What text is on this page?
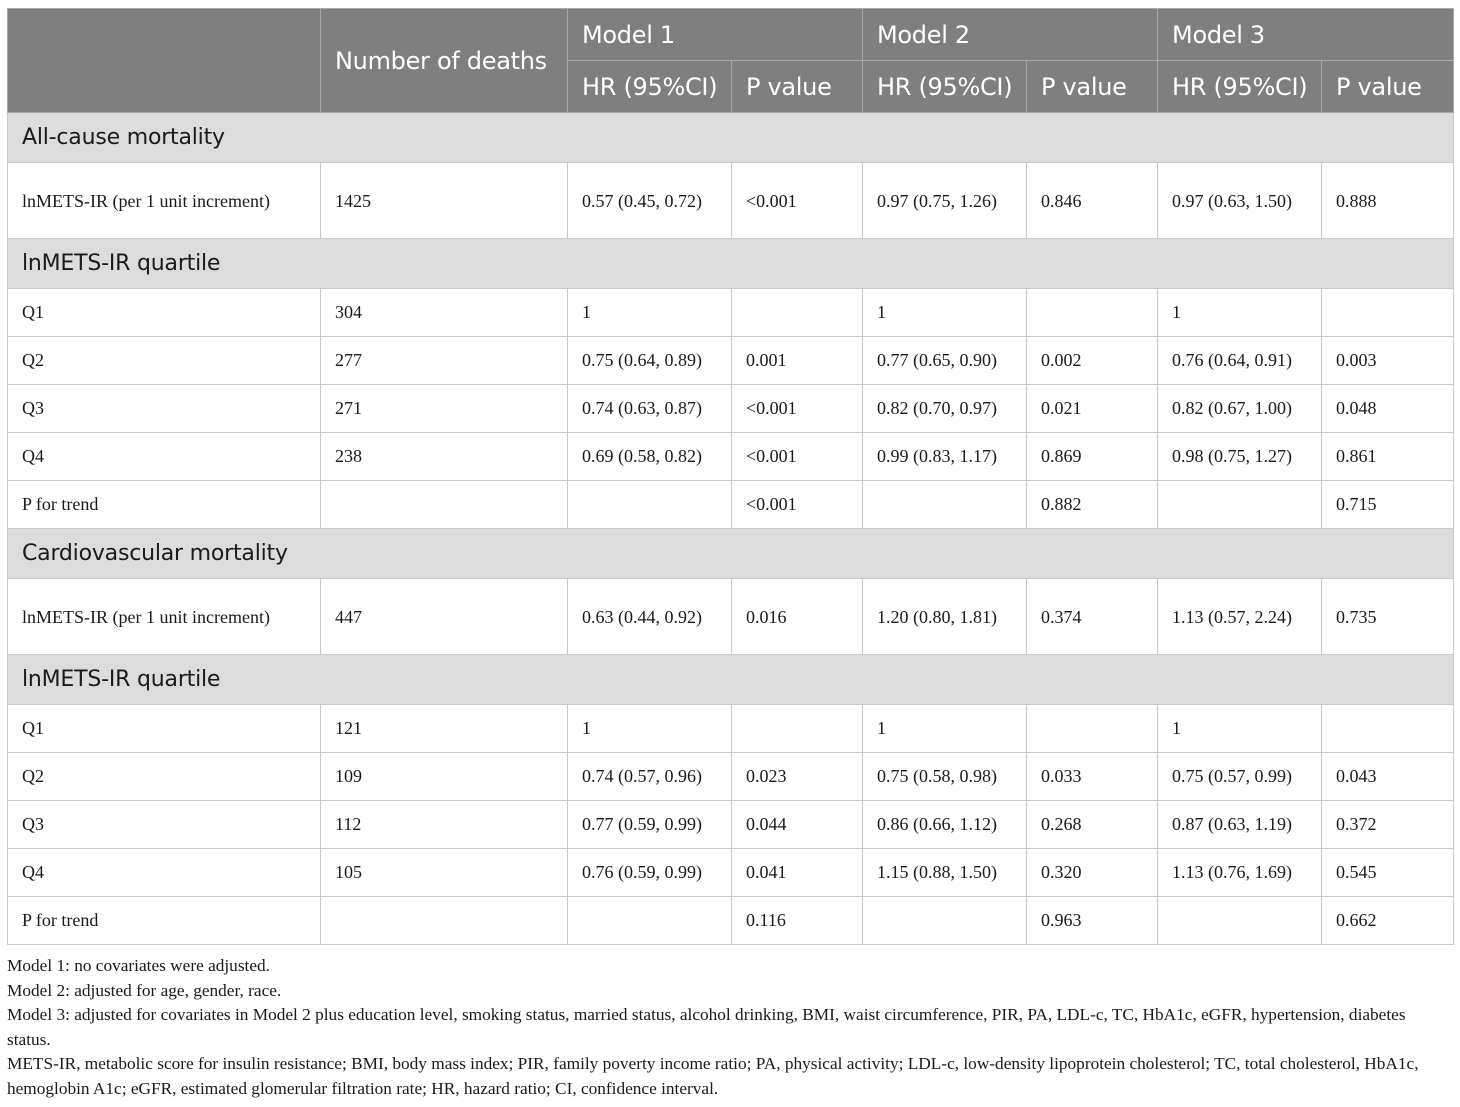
	Number of deaths	Model 1		Model 2		Model 3	
		HR (95%CI)	P value	HR (95%CI)	P value	HR (95%CI)	P value
All-cause mortality							
lnMETS-IR (per 1 unit increment)	1425	0.57 (0.45, 0.72)	<0.001	0.97 (0.75, 1.26)	0.846	0.97 (0.63, 1.50)	0.888
lnMETS-IR quartile							
Q1	304	1		1		1	
Q2	277	0.75 (0.64, 0.89)	0.001	0.77 (0.65, 0.90)	0.002	0.76 (0.64, 0.91)	0.003
Q3	271	0.74 (0.63, 0.87)	<0.001	0.82 (0.70, 0.97)	0.021	0.82 (0.67, 1.00)	0.048
Q4	238	0.69 (0.58, 0.82)	<0.001	0.99 (0.83, 1.17)	0.869	0.98 (0.75, 1.27)	0.861
P for trend			<0.001		0.882		0.715
Cardiovascular mortality							
lnMETS-IR (per 1 unit increment)	447	0.63 (0.44, 0.92)	0.016	1.20 (0.80, 1.81)	0.374	1.13 (0.57, 2.24)	0.735
lnMETS-IR quartile							
Q1	121	1		1		1	
Q2	109	0.74 (0.57, 0.96)	0.023	0.75 (0.58, 0.98)	0.033	0.75 (0.57, 0.99)	0.043
Q3	112	0.77 (0.59, 0.99)	0.044	0.86 (0.66, 1.12)	0.268	0.87 (0.63, 1.19)	0.372
Q4	105	0.76 (0.59, 0.99)	0.041	1.15 (0.88, 1.50)	0.320	1.13 (0.76, 1.69)	0.545
P for trend			0.116		0.963		0.662

Model 1: no covariates were adjusted.

Model 2: adjusted for age, gender, race.

Model 3: adjusted for covariates in Model 2 plus education level, smoking status, married status, alcohol drinking, BMI, waist circumference, PIR, PA, LDL-c, TC, HbA1c, eGFR, hypertension, diabetes status.

METS-IR, metabolic score for insulin resistance; BMI, body mass index; PIR, family poverty income ratio; PA, physical activity; LDL-c, low-density lipoprotein cholesterol; TC, total cholesterol, HbA1c, hemoglobin A1c; eGFR, estimated glomerular filtration rate; HR, hazard ratio; CI, confidence interval.
